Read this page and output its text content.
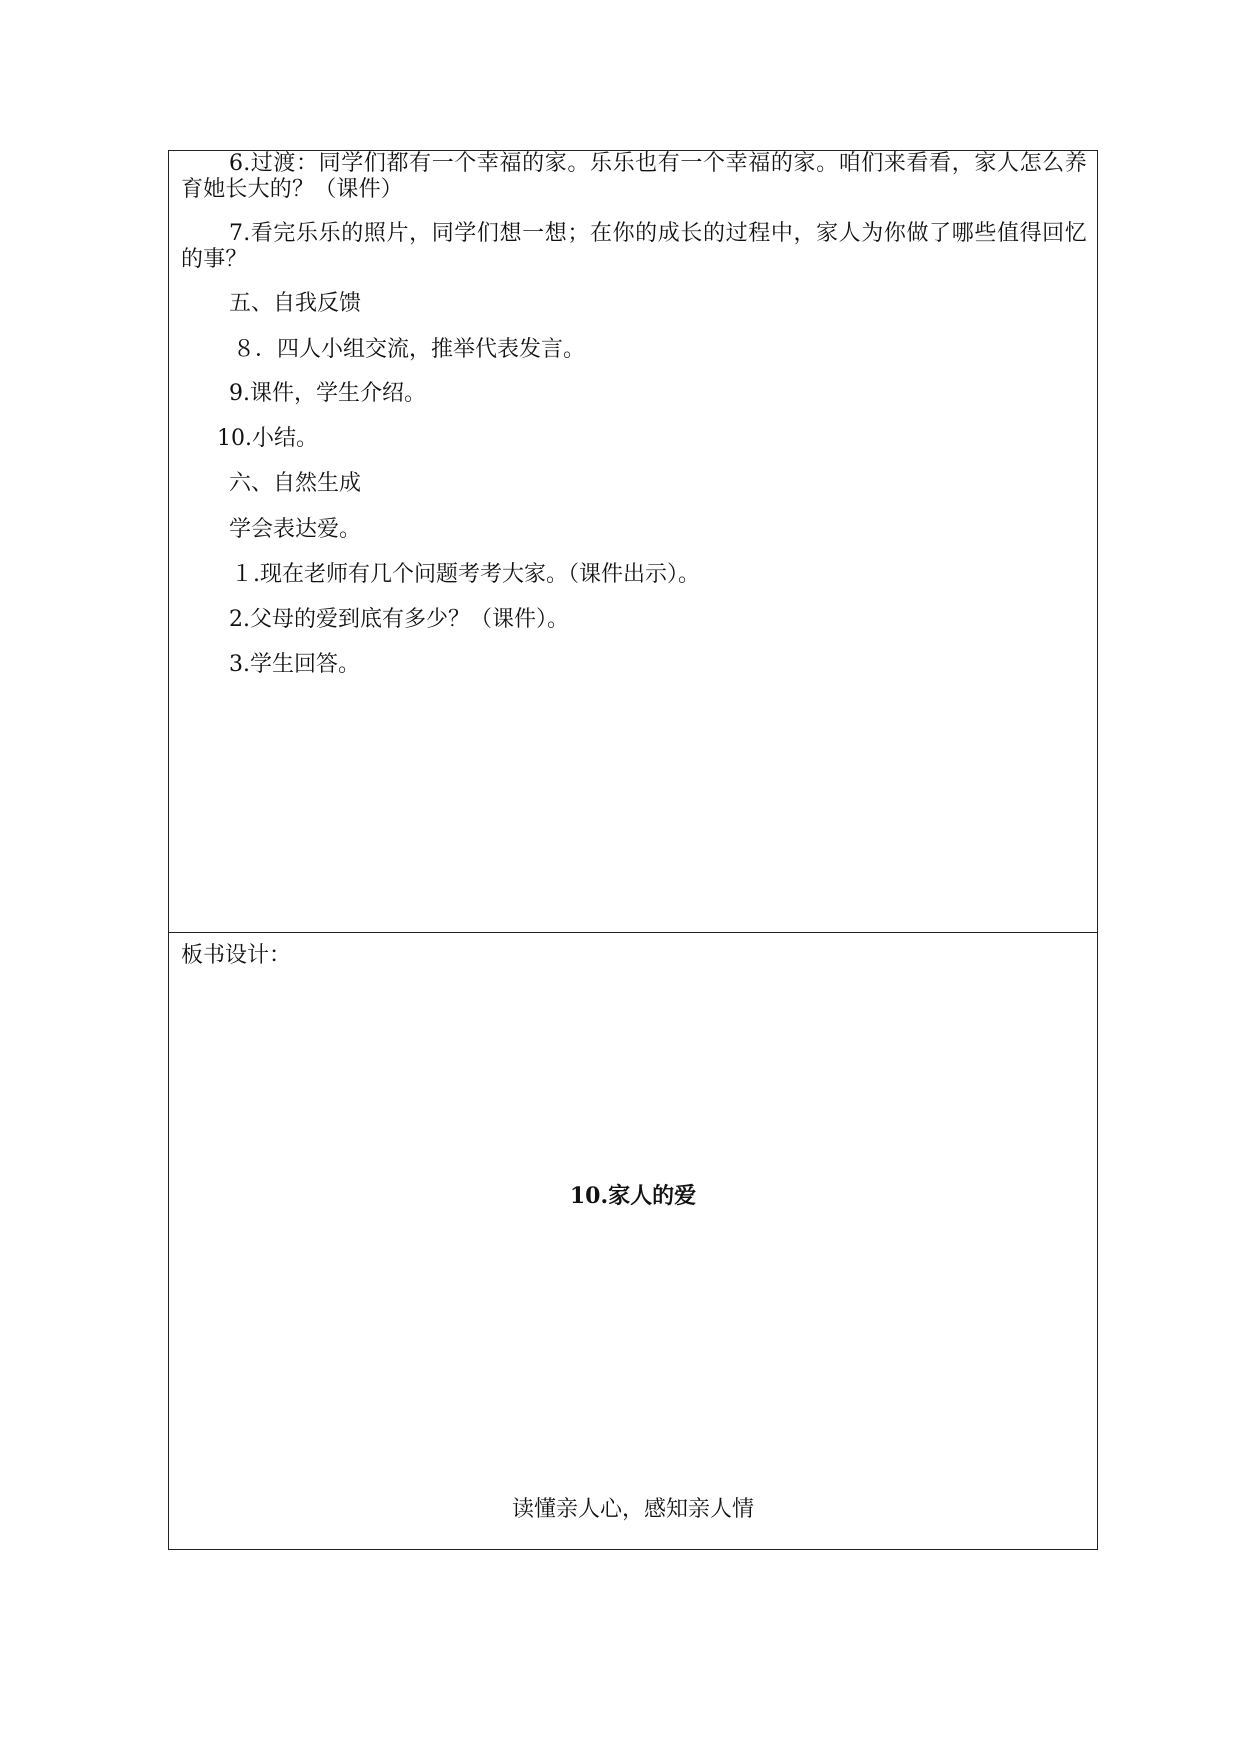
6.过渡：同学们都有一个幸福的家。乐乐也有一个幸福的家。咱们来看看，家人怎么养育她长大的？（课件）
7.看完乐乐的照片，同学们想一想；在你的成长的过程中，家人为你做了哪些值得回忆的事？
五、自我反馈
８．四人小组交流，推举代表发言。
9.课件，学生介绍。
10.小结。
六、自然生成
学会表达爱。
１.现在老师有几个问题考考大家。（课件出示）。
2.父母的爱到底有多少？（课件）。
3.学生回答。
板书设计：
10.家人的爱
读懂亲人心，感知亲人情
